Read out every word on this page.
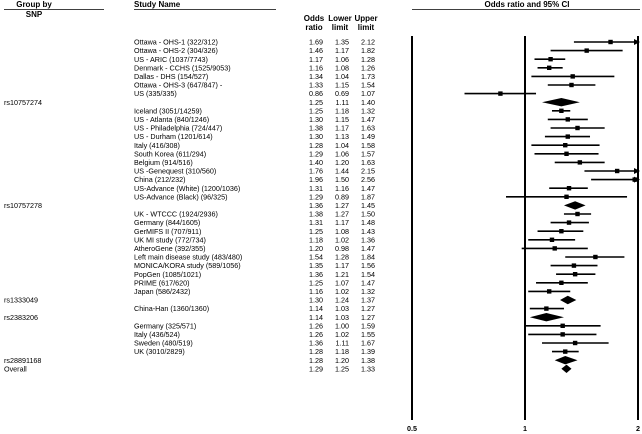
Group by
SNP
Study Name
Odds
ratio
Lower
limit
Upper
limit
Odds ratio and 95% CI
Ottawa - OHS-1 (322/312)	1.69 1.35 2.12
Ottawa - OHS-2 (304/326)	1.46 1.17 1.82
US - ARIC (1037/7743)	1.17 1.06 1.28
Denmark - CCHS (1525/9053)	1.16 1.08 1.26
Dallas - DHS (154/527)	1.34 1.04 1.73
Ottawa - OHS-3 (647/847) -	1.33 1.15 1.54
US (335/335)	0.86 0.69 1.07
rs10757274	1.25 1.11 1.40
Iceland (3051/14259)	1.25 1.18 1.32
US - Atlanta (840/1246)	1.30 1.15 1.47
US - Philadelphia (724/447)	1.38 1.17 1.63
US - Durham (1201/614)	1.30 1.13 1.49
Italy (416/308)	1.28 1.04 1.58
South Korea (611/294)	1.29 1.06 1.57
Belgium (914/516)	1.40 1.20 1.63
US -Genequest (310/560)	1.76 1.44 2.15
China (212/232)	1.96 1.50 2.56
US-Advance (White) (1200/1036)	1.31 1.16 1.47
US-Advance (Black) (96/325)	1.29 0.89 1.87
rs10757278	1.36 1.27 1.45
UK - WTCCC (1924/2936)	1.38 1.27 1.50
Germany (844/1605)	1.31 1.17 1.48
GerMIFS II (707/911)	1.25 1.08 1.43
UK MI study (772/734)	1.18 1.02 1.36
AtheroGene (392/355)	1.20 0.98 1.47
Left main disease study (483/480)	1.54 1.28 1.84
MONICA/KORA study (589/1056)	1.35 1.17 1.56
PopGen (1085/1021)	1.36 1.21 1.54
PRIME (617/620)	1.25 1.07 1.47
Japan (586/2432)	1.16 1.02 1.32
rs1333049	1.30 1.24 1.37
China-Han (1360/1360)	1.14 1.03 1.27
rs2383206	1.14 1.03 1.27
Germany (325/571)	1.26 1.00 1.59
Italy (436/524)	1.26 1.02 1.55
Sweden (480/519)	1.36 1.11 1.67
UK (3010/2829)	1.28 1.18 1.39
rs28891168	1.28 1.20 1.38
Overall	1.29 1.25 1.33
0.5	1	2
